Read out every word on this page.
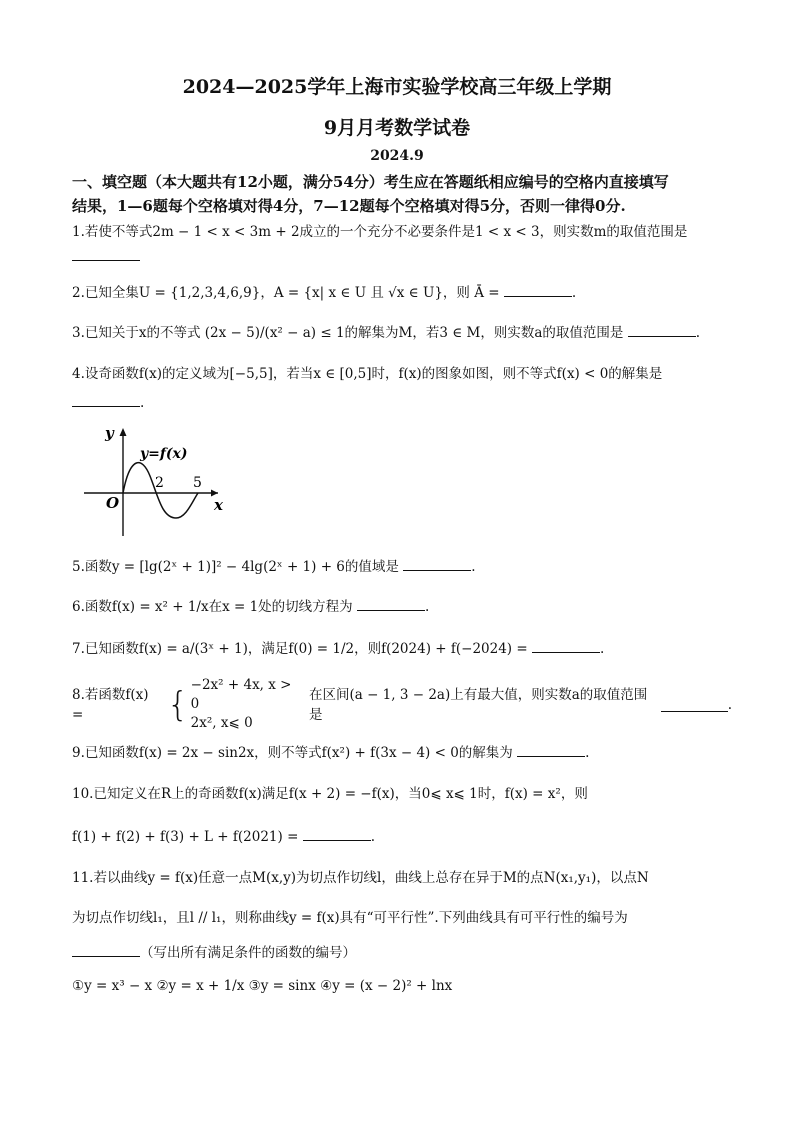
2024—2025学年上海市实验学校高三年级上学期
9月月考数学试卷
2024.9
一、填空题（本大题共有12小题，满分54分）考生应在答题纸相应编号的空格内直接填写
结果，1—6题每个空格填对得4分，7—12题每个空格填对得5分，否则一律得0分.
1.若使不等式2m − 1 < x < 3m + 2成立的一个充分不必要条件是1 < x < 3，则实数m的取值范围是
2.已知全集U = {1,2,3,4,6,9}，A = {x| x ∈ U 且 √x ∈ U}，则 Ā =	.
3.已知关于x的不等式 (2x − 5)/(x² − a) ≤ 1的解集为M，若3 ∈ M，则实数a的取值范围是	.
4.设奇函数f(x)的定义域为[−5,5]，若当x ∈ [0,5]时，f(x)的图象如图，则不等式f(x) < 0的解集是
.
y
x
O
y=f(x)
2 5
5.函数y = [lg(2ˣ + 1)]² − 4lg(2ˣ + 1) + 6的值域是	.
6.函数f(x) = x² + 1/x在x = 1处的切线方程为	.
7.已知函数f(x) = a/(3ˣ + 1)，满足f(0) = 1/2，则f(2024) + f(−2024) =	.
8.若函数f(x) =	{ −2x² + 4x, x > 0
2x², x⩽ 0
在区间(a − 1, 3 − 2a)上有最大值，则实数a的取值范围是
.
9.已知函数f(x) = 2x − sin2x，则不等式f(x²) + f(3x − 4) < 0的解集为	.
10.已知定义在R上的奇函数f(x)满足f(x + 2) = −f(x)，当0⩽ x⩽ 1时，f(x) = x²，则
f(1) + f(2) + f(3) + L + f(2021) =	.
11.若以曲线y = f(x)任意一点M(x,y)为切点作切线l，曲线上总存在异于M的点N(x₁,y₁)，以点N
为切点作切线l₁，且l // l₁，则称曲线y = f(x)具有“可平行性”.下列曲线具有可平行性的编号为
（写出所有满足条件的函数的编号）
①y = x³ − x ②y = x + 1/x ③y = sinx ④y = (x − 2)² + lnx
